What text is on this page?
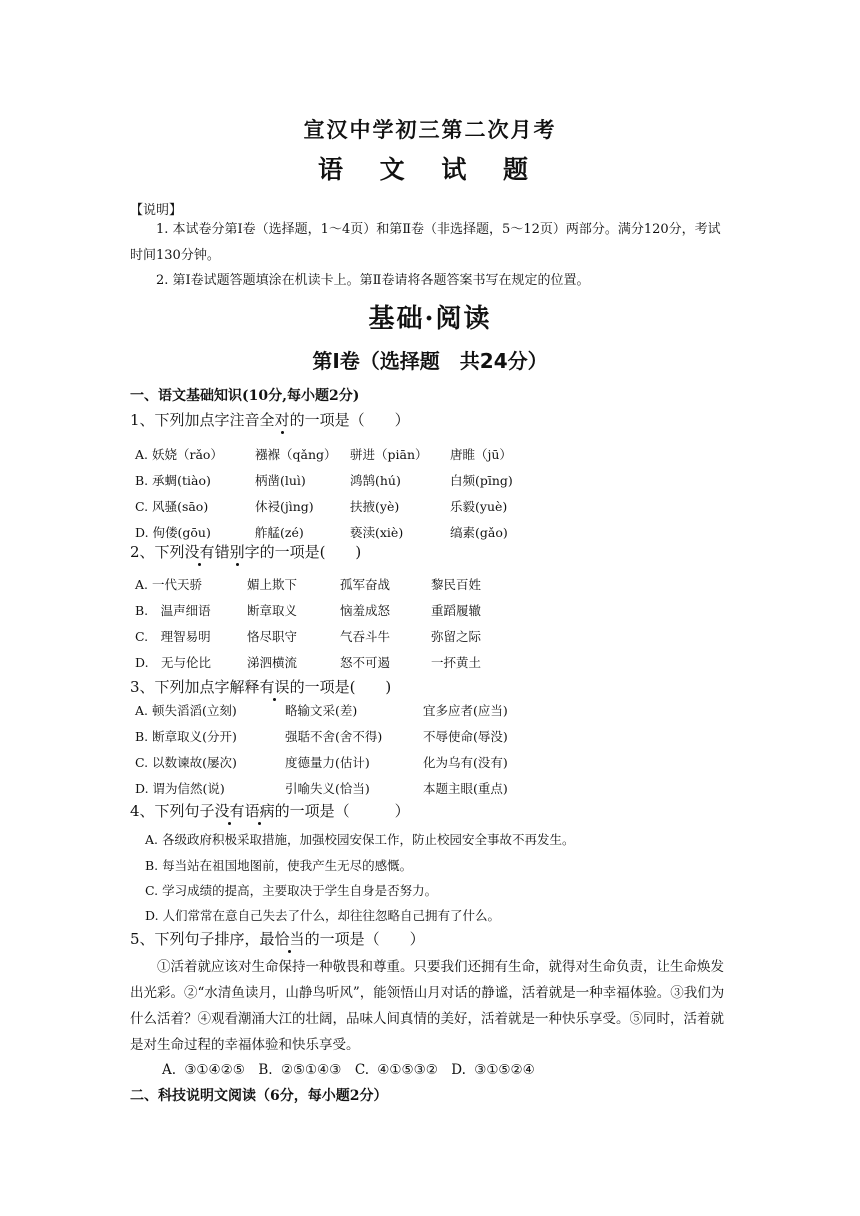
宣汉中学初三第二次月考
语 文 试 题
【说明】
1. 本试卷分第Ⅰ卷（选择题，1～4页）和第Ⅱ卷（非选择题，5～12页）两部分。满分120分，考试时间130分钟。
2. 第Ⅰ卷试题答题填涂在机读卡上。第Ⅱ卷请将各题答案书写在规定的位置。
基础·阅读
第Ⅰ卷（选择题　共24分）
一、语文基础知识(10分,每小题2分)
1、下列加点字注音全对的一项是（　　）
A. 妖娆（rǎo）	襁褓（qǎng） 骈进（piān） 唐睢（jū）
B. 承蜩(tiào)	柄凿(luì)	鸿鹄(hú)	白频(pīng)
C. 风骚(sāo)	休祲(jìng)	扶掖(yè)	乐毅(yuè)
D. 佝偻(gōu)	舴艋(zé)	亵渎(xiè)	缟素(gǎo)
2、下列没有错别字的一项是(　　)
A. 一代天骄	媚上欺下	孤军奋战	黎民百姓
B.　温声细语	断章取义	恼羞成怒	重蹈履辙
C.　理智易明	恪尽职守	气吞斗牛	弥留之际
D.　无与伦比	涕泗横流	怒不可遏	一抔黄土
3、下列加点字解释有误的一项是(　　)
A. 顿失滔滔(立刻)	略输文采(差)	宜多应者(应当)
B. 断章取义(分开)	强聒不舍(舍不得)	不辱使命(辱没)
C. 以数谏故(屡次)	度德量力(估计)	化为乌有(没有)
D. 谓为信然(说)	引喻失义(恰当)	本题主眼(重点)
4、下列句子没有语病的一项是（　　　）
A. 各级政府积极采取措施，加强校园安保工作，防止校园安全事故不再发生。
B. 每当站在祖国地图前，使我产生无尽的感慨。
C. 学习成绩的提高，主要取决于学生自身是否努力。
D. 人们常常在意自己失去了什么，却往往忽略自己拥有了什么。
5、下列句子排序，最恰当的一项是（　　）
①活着就应该对生命保持一种敬畏和尊重。只要我们还拥有生命，就得对生命负责，让生命焕发出光彩。②“水清鱼读月，山静鸟听风”，能领悟山月对话的静谧，活着就是一种幸福体验。③我们为什么活着？④观看潮涌大江的壮阔，品味人间真情的美好，活着就是一种快乐享受。⑤同时，活着就是对生命过程的幸福体验和快乐享受。
A. ③①④②⑤　B. ②⑤①④③　C. ④①⑤③②　D. ③①⑤②④
二、科技说明文阅读（6分，每小题2分）
